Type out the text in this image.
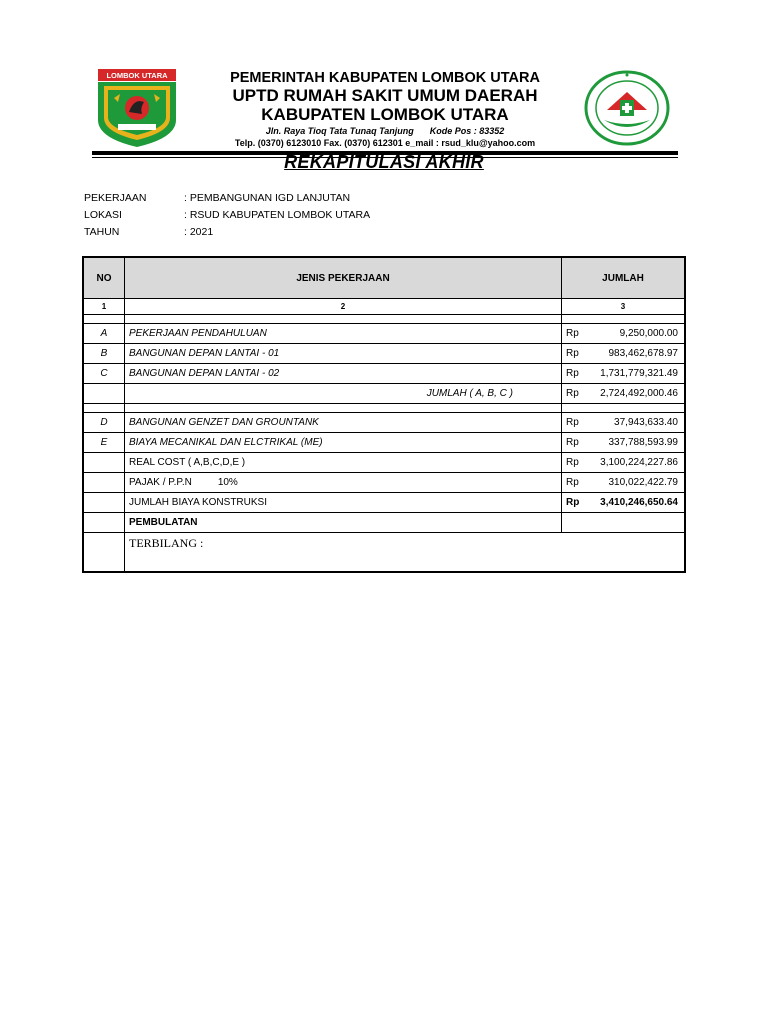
LOMBOK UTARA	PEMERINTAH KABUPATEN LOMBOK UTARA
UPTD RUMAH SAKIT UMUM DAERAH
KABUPATEN LOMBOK UTARA
Jln. Raya Tioq Tata Tunaq Tanjung Kode Pos : 83352
Telp. (0370) 6123010 Fax. (0370) 612301 e_mail : rsud_klu@yahoo.com
REKAPITULASI AKHIR
PEKERJAAN	: PEMBANGUNAN IGD LANJUTAN
LOKASI	: RSUD KABUPATEN LOMBOK UTARA
TAHUN	: 2021
NO	JENIS PEKERJAAN	JUMLAH
1	2	3

A	PEKERJAAN PENDAHULUAN	Rp 9,250,000.00

B	BANGUNAN DEPAN LANTAI - 01	Rp 983,462,678.97

C	BANGUNAN DEPAN LANTAI - 02	Rp 1,731,779,321.49

	JUMLAH ( A, B, C )	Rp 2,724,492,000.46

D	BANGUNAN GENZET DAN GROUNTANK	Rp 37,943,633.40

E	BIAYA MECANIKAL DAN ELCTRIKAL (ME)	Rp 337,788,593.99

	REAL COST ( A,B,C,D,E )	Rp 3,100,224,227.86

	PAJAK / P.P.N 10%	Rp 310,022,422.79

	JUMLAH BIAYA KONSTRUKSI	Rp 3,410,246,650.64

	PEMBULATAN	
	TERBILANG :	
